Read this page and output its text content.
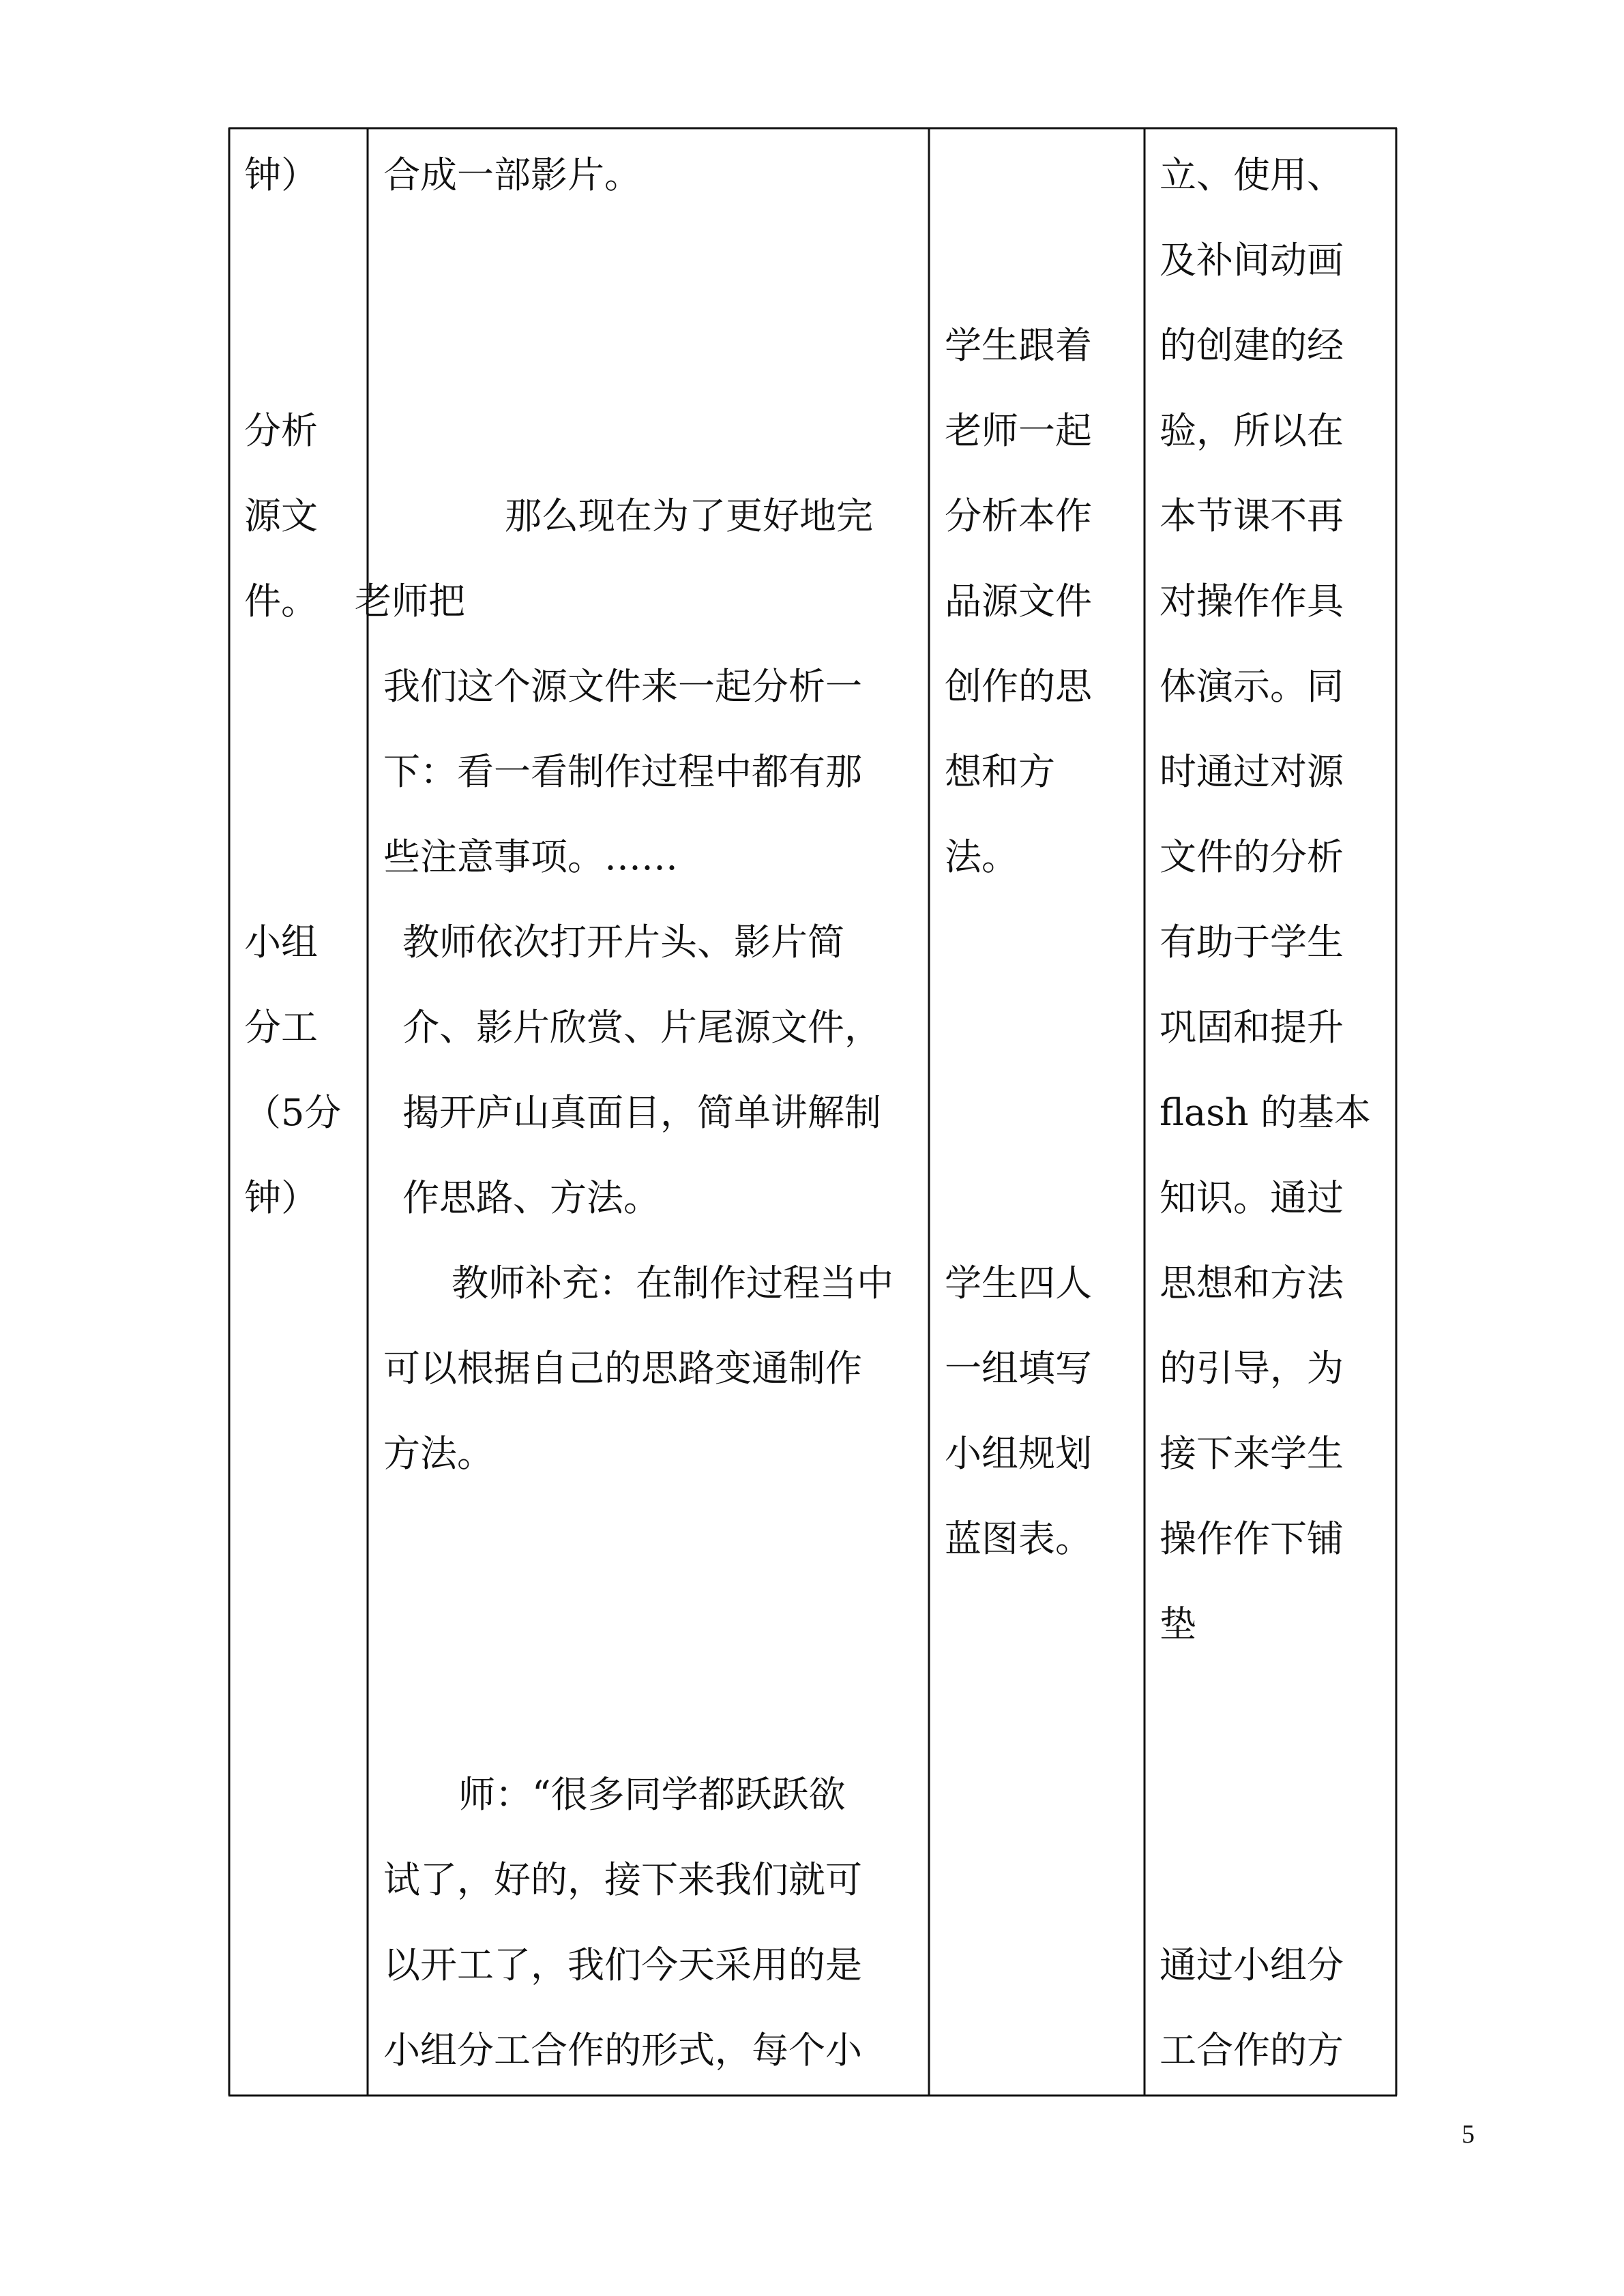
钟）
分析
源文
件。
小组
分工
（5分
钟）
合成一部影片。
那么现在为了更好地完
老师把
我们这个源文件来一起分析一
下：看一看制作过程中都有那
些注意事项。……
教师依次打开片头、影片简
介、影片欣赏、片尾源文件，
揭开庐山真面目，简单讲解制
作思路、方法。
教师补充：在制作过程当中
可以根据自己的思路变通制作
方法。
师：“很多同学都跃跃欲
试了，好的，接下来我们就可
以开工了，我们今天采用的是
小组分工合作的形式，每个小
学生跟着
老师一起
分析本作
品源文件
创作的思
想和方
法。
学生四人
一组填写
小组规划
蓝图表。
立、使用、
及补间动画
的创建的经
验，所以在
本节课不再
对操作作具
体演示。同
时通过对源
文件的分析
有助于学生
巩固和提升
flash 的基本
知识。通过
思想和方法
的引导，为
接下来学生
操作作下铺
垫
通过小组分
工合作的方
5
